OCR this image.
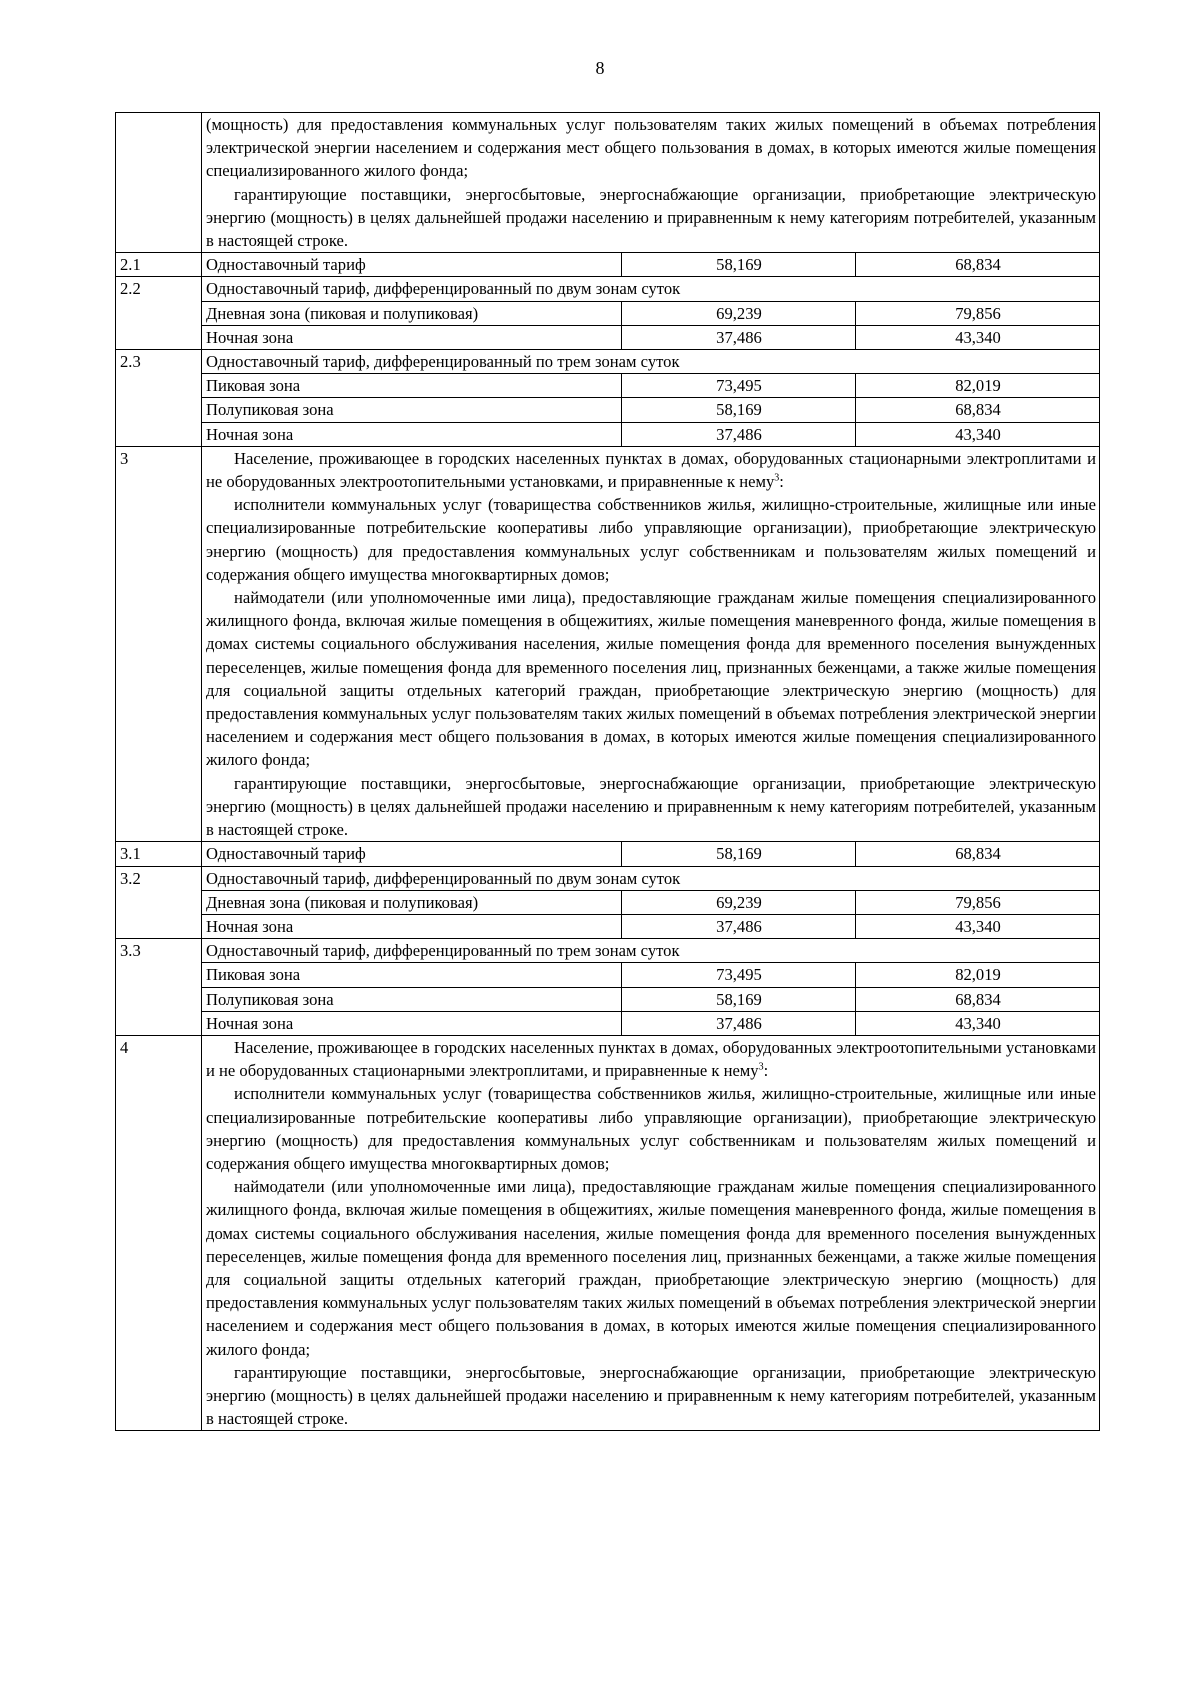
8

	(мощность) для предоставления коммунальных услуг пользователям таких жилых помещений в объемах потребления электрической энергии населением и содержания мест общего пользования в домах, в которых имеются жилые помещения специализированного жилого фонда;
гарантирующие поставщики, энергосбытовые, энергоснабжающие организации, приобретающие электрическую энергию (мощность) в целях дальнейшей продажи населению и приравненным к нему категориям потребителей, указанным в настоящей строке.		

2.1	Одноставочный тариф	58,169	68,834
2.2	Одноставочный тариф, дифференцированный по двум зонам суток		
	Дневная зона (пиковая и полупиковая)	69,239	79,856
	Ночная зона	37,486	43,340
2.3	Одноставочный тариф, дифференцированный по трем зонам суток		
	Пиковая зона	73,495	82,019
	Полупиковая зона	58,169	68,834
	Ночная зона	37,486	43,340
3	Население, проживающее в городских населенных пунктах в домах, оборудованных стационарными электроплитами и не оборудованных электроотопительными установками, и приравненные к нему$^3$:
исполнители коммунальных услуг (товарищества собственников жилья, жилищно-строительные, жилищные или иные специализированные потребительские кооперативы либо управляющие организации), приобретающие электрическую энергию (мощность) для предоставления коммунальных услуг собственникам и пользователям жилых помещений и содержания общего имущества многоквартирных домов;
наймодатели (или уполномоченные ими лица), предоставляющие гражданам жилые помещения специализированного жилищного фонда, включая жилые помещения в общежитиях, жилые помещения маневренного фонда, жилые помещения в домах системы социального обслуживания населения, жилые помещения фонда для временного поселения вынужденных переселенцев, жилые помещения фонда для временного поселения лиц, признанных беженцами, а также жилые помещения для социальной защиты отдельных категорий граждан, приобретающие электрическую энергию (мощность) для предоставления коммунальных услуг пользователям таких жилых помещений в объемах потребления электрической энергии населением и содержания мест общего пользования в домах, в которых имеются жилые помещения специализированного жилого фонда;
гарантирующие поставщики, энергосбытовые, энергоснабжающие организации, приобретающие электрическую энергию (мощность) в целях дальнейшей продажи населению и приравненным к нему категориям потребителей, указанным в настоящей строке.		

3.1	Одноставочный тариф	58,169	68,834
3.2	Одноставочный тариф, дифференцированный по двум зонам суток		
	Дневная зона (пиковая и полупиковая)	69,239	79,856
	Ночная зона	37,486	43,340
3.3	Одноставочный тариф, дифференцированный по трем зонам суток		
	Пиковая зона	73,495	82,019
	Полупиковая зона	58,169	68,834
	Ночная зона	37,486	43,340
4	Население, проживающее в городских населенных пунктах в домах, оборудованных электроотопительными установками и не оборудованных стационарными электроплитами, и приравненные к нему$^3$:
исполнители коммунальных услуг (товарищества собственников жилья, жилищно-строительные, жилищные или иные специализированные потребительские кооперативы либо управляющие организации), приобретающие электрическую энергию (мощность) для предоставления коммунальных услуг собственникам и пользователям жилых помещений и содержания общего имущества многоквартирных домов;
наймодатели (или уполномоченные ими лица), предоставляющие гражданам жилые помещения специализированного жилищного фонда, включая жилые помещения в общежитиях, жилые помещения маневренного фонда, жилые помещения в домах системы социального обслуживания населения, жилые помещения фонда для временного поселения вынужденных переселенцев, жилые помещения фонда для временного поселения лиц, признанных беженцами, а также жилые помещения для социальной защиты отдельных категорий граждан, приобретающие электрическую энергию (мощность) для предоставления коммунальных услуг пользователям таких жилых помещений в объемах потребления электрической энергии населением и содержания мест общего пользования в домах, в которых имеются жилые помещения специализированного жилого фонда;
гарантирующие поставщики, энергосбытовые, энергоснабжающие организации, приобретающие электрическую энергию (мощность) в целях дальнейшей продажи населению и приравненным к нему категориям потребителей, указанным в настоящей строке.		
